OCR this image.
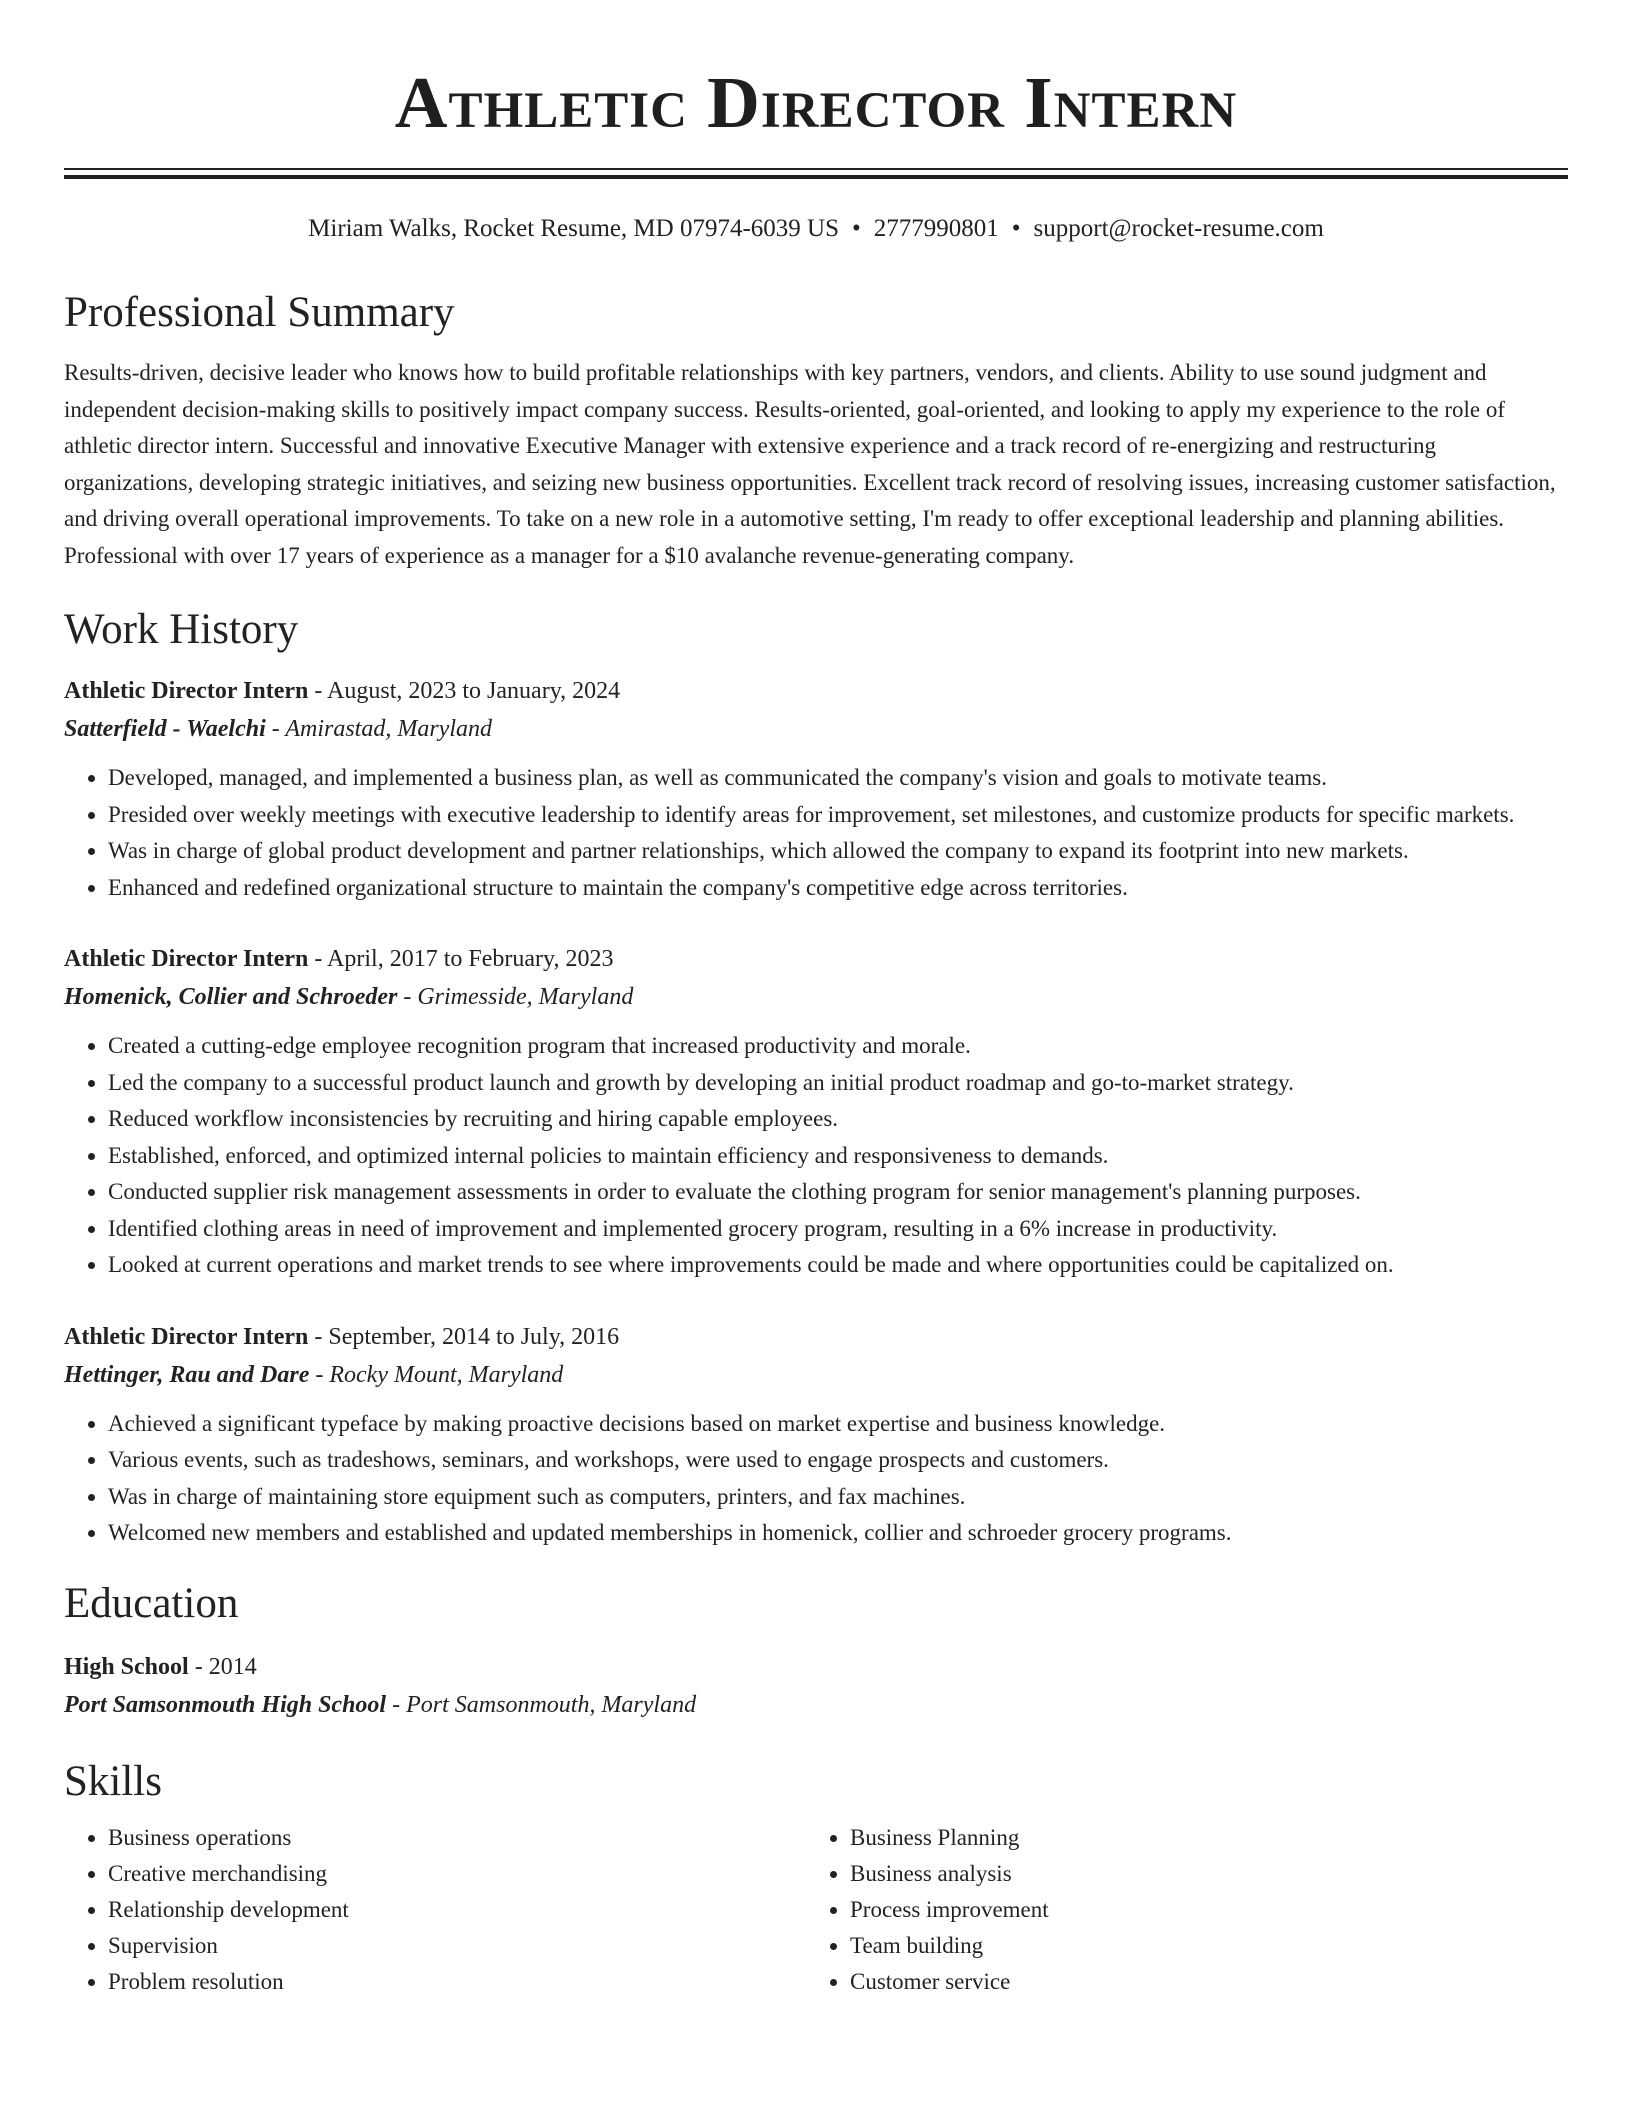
Athletic Director Intern
Miriam Walks, Rocket Resume, MD 07974-6039 US • 2777990801 • support@rocket-resume.com
Professional Summary

Results-driven, decisive leader who knows how to build profitable relationships with key partners, vendors, and clients. Ability to use sound judgment and independent decision-making skills to positively impact company success. Results-oriented, goal-oriented, and looking to apply my experience to the role of athletic director intern. Successful and innovative Executive Manager with extensive experience and a track record of re-energizing and restructuring organizations, developing strategic initiatives, and seizing new business opportunities. Excellent track record of resolving issues, increasing customer satisfaction, and driving overall operational improvements. To take on a new role in a automotive setting, I'm ready to offer exceptional leadership and planning abilities. Professional with over 17 years of experience as a manager for a $10 avalanche revenue-generating company.

Work History
Athletic Director Intern - August, 2023 to January, 2024
Satterfield - Waelchi - Amirastad, Maryland
• Developed, managed, and implemented a business plan, as well as communicated the company's vision and goals to motivate teams.
• Presided over weekly meetings with executive leadership to identify areas for improvement, set milestones, and customize products for specific markets.
• Was in charge of global product development and partner relationships, which allowed the company to expand its footprint into new markets.
• Enhanced and redefined organizational structure to maintain the company's competitive edge across territories.
Athletic Director Intern - April, 2017 to February, 2023
Homenick, Collier and Schroeder - Grimesside, Maryland
• Created a cutting-edge employee recognition program that increased productivity and morale.
• Led the company to a successful product launch and growth by developing an initial product roadmap and go-to-market strategy.
• Reduced workflow inconsistencies by recruiting and hiring capable employees.
• Established, enforced, and optimized internal policies to maintain efficiency and responsiveness to demands.
• Conducted supplier risk management assessments in order to evaluate the clothing program for senior management's planning purposes.
• Identified clothing areas in need of improvement and implemented grocery program, resulting in a 6% increase in productivity.
• Looked at current operations and market trends to see where improvements could be made and where opportunities could be capitalized on.
Athletic Director Intern - September, 2014 to July, 2016
Hettinger, Rau and Dare - Rocky Mount, Maryland
• Achieved a significant typeface by making proactive decisions based on market expertise and business knowledge.
• Various events, such as tradeshows, seminars, and workshops, were used to engage prospects and customers.
• Was in charge of maintaining store equipment such as computers, printers, and fax machines.
• Welcomed new members and established and updated memberships in homenick, collier and schroeder grocery programs.
Education
High School - 2014
Port Samsonmouth High School - Port Samsonmouth, Maryland
Skills
• Business operations
• Creative merchandising
• Relationship development
• Supervision
• Problem resolution
• Business Planning
• Business analysis
• Process improvement
• Team building
• Customer service
